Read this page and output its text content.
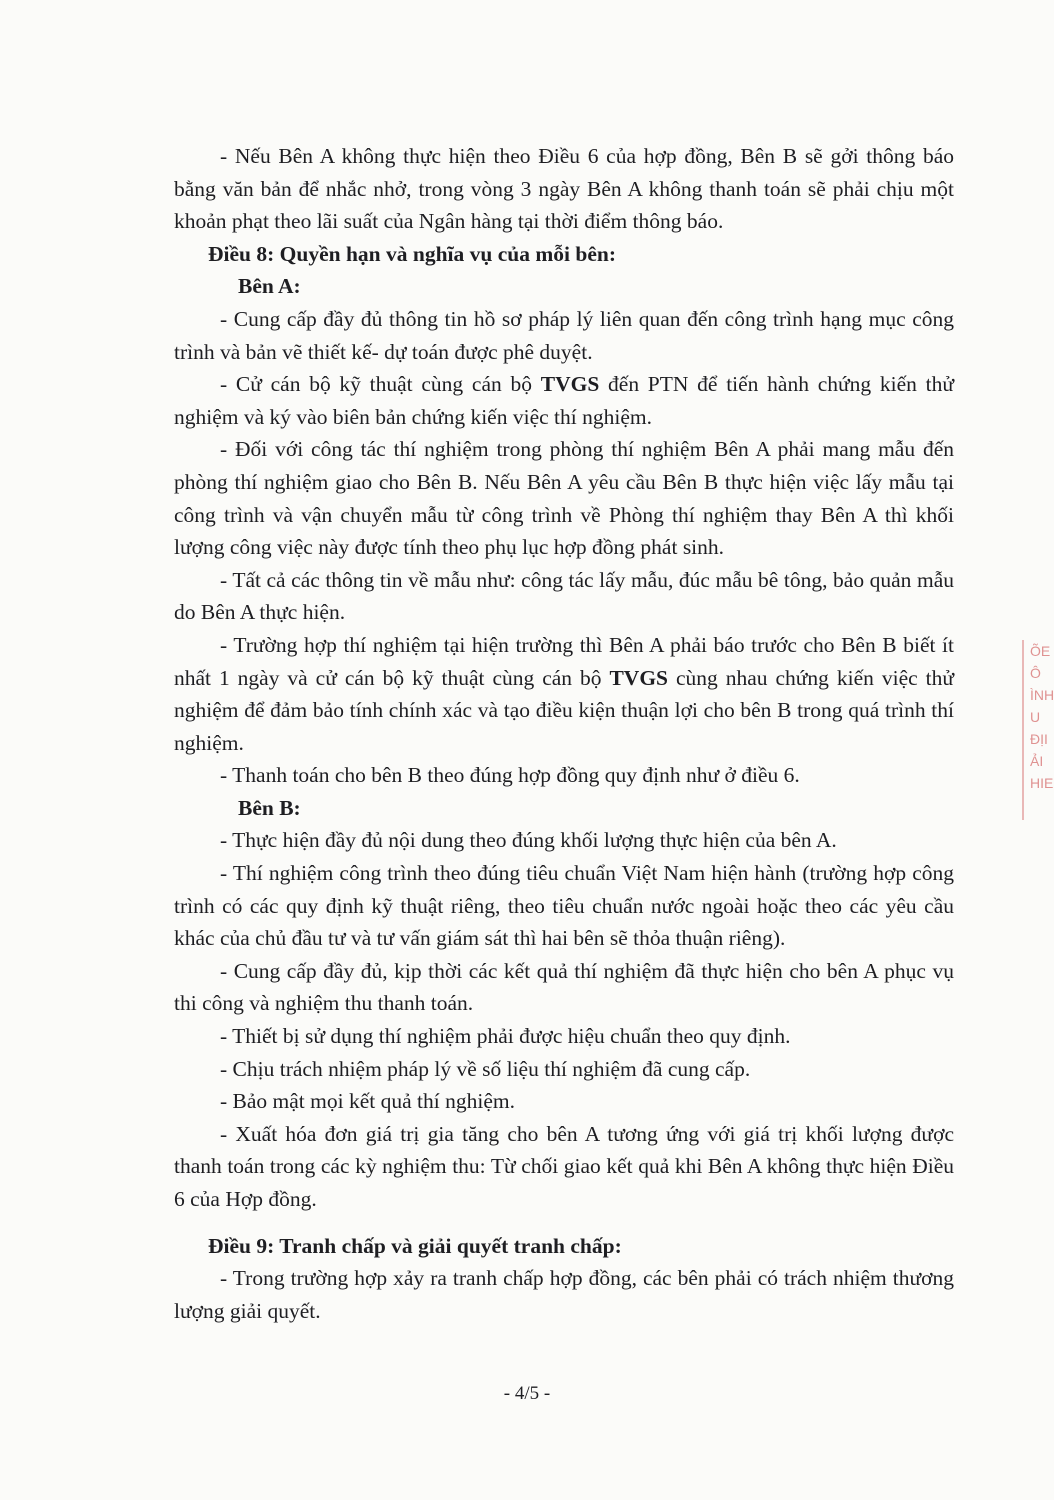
- Nếu Bên A không thực hiện theo Điều 6 của hợp đồng, Bên B sẽ gởi thông báo bằng văn bản để nhắc nhở, trong vòng 3 ngày Bên A không thanh toán sẽ phải chịu một khoản phạt theo lãi suất của Ngân hàng tại thời điểm thông báo.

Điều 8: Quyền hạn và nghĩa vụ của mỗi bên:

Bên A:

- Cung cấp đầy đủ thông tin hồ sơ pháp lý liên quan đến công trình hạng mục công trình và bản vẽ thiết kế- dự toán được phê duyệt.

- Cử cán bộ kỹ thuật cùng cán bộ TVGS đến PTN để tiến hành chứng kiến thử nghiệm và ký vào biên bản chứng kiến việc thí nghiệm.

- Đối với công tác thí nghiệm trong phòng thí nghiệm Bên A phải mang mẫu đến phòng thí nghiệm giao cho Bên B. Nếu Bên A yêu cầu Bên B thực hiện việc lấy mẫu tại công trình và vận chuyển mẫu từ công trình về Phòng thí nghiệm thay Bên A thì khối lượng công việc này được tính theo phụ lục hợp đồng phát sinh.

- Tất cả các thông tin về mẫu như: công tác lấy mẫu, đúc mẫu bê tông, bảo quản mẫu do Bên A thực hiện.

- Trường hợp thí nghiệm tại hiện trường thì Bên A phải báo trước cho Bên B biết ít nhất 1 ngày và cử cán bộ kỹ thuật cùng cán bộ TVGS cùng nhau chứng kiến việc thử nghiệm để đảm bảo tính chính xác và tạo điều kiện thuận lợi cho bên B trong quá trình thí nghiệm.

- Thanh toán cho bên B theo đúng hợp đồng quy định như ở điều 6.

Bên B:

- Thực hiện đầy đủ nội dung theo đúng khối lượng thực hiện của bên A.

- Thí nghiệm công trình theo đúng tiêu chuẩn Việt Nam hiện hành (trường hợp công trình có các quy định kỹ thuật riêng, theo tiêu chuẩn nước ngoài hoặc theo các yêu cầu khác của chủ đầu tư và tư vấn giám sát thì hai bên sẽ thỏa thuận riêng).

- Cung cấp đầy đủ, kịp thời các kết quả thí nghiệm đã thực hiện cho bên A phục vụ thi công và nghiệm thu thanh toán.

- Thiết bị sử dụng thí nghiệm phải được hiệu chuẩn theo quy định.

- Chịu trách nhiệm pháp lý về số liệu thí nghiệm đã cung cấp.

- Bảo mật mọi kết quả thí nghiệm.

- Xuất hóa đơn giá trị gia tăng cho bên A tương ứng với giá trị khối lượng được thanh toán trong các kỳ nghiệm thu: Từ chối giao kết quả khi Bên A không thực hiện Điều 6 của Hợp đồng.

Điều 9: Tranh chấp và giải quyết tranh chấp:

- Trong trường hợp xảy ra tranh chấp hợp đồng, các bên phải có trách nhiệm thương lượng giải quyết.

- 4/5 -
ÕE
Ô
ÌNH
U
ĐỊI
ẢI
HIE
